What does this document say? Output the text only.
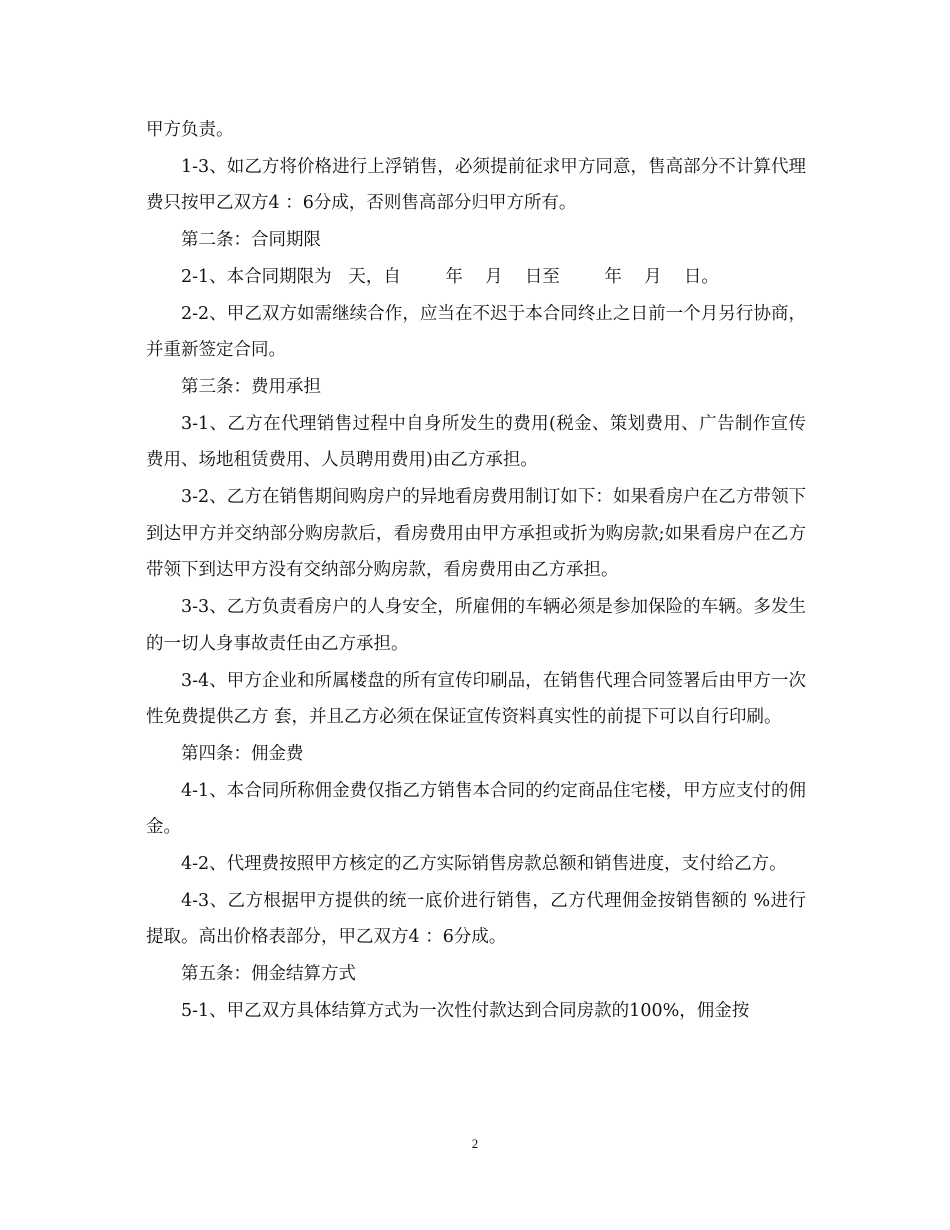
甲方负责。

1-3、如乙方将价格进行上浮销售，必须提前征求甲方同意，售高部分不计算代理费只按甲乙双方4 ：6分成，否则售高部分归甲方所有。

第二条：合同期限

2-1、本合同期限为   天，自        年    月    日至        年    月    日。

2-2、甲乙双方如需继续合作，应当在不迟于本合同终止之日前一个月另行协商，并重新签定合同。

第三条：费用承担

3-1、乙方在代理销售过程中自身所发生的费用(税金、策划费用、广告制作宣传费用、场地租赁费用、人员聘用费用)由乙方承担。

3-2、乙方在销售期间购房户的异地看房费用制订如下：如果看房户在乙方带领下到达甲方并交纳部分购房款后，看房费用由甲方承担或折为购房款;如果看房户在乙方带领下到达甲方没有交纳部分购房款，看房费用由乙方承担。

3-3、乙方负责看房户的人身安全，所雇佣的车辆必须是参加保险的车辆。多发生的一切人身事故责任由乙方承担。

3-4、甲方企业和所属楼盘的所有宣传印刷品，在销售代理合同签署后由甲方一次性免费提供乙方 套，并且乙方必须在保证宣传资料真实性的前提下可以自行印刷。

第四条：佣金费

4-1、本合同所称佣金费仅指乙方销售本合同的约定商品住宅楼，甲方应支付的佣金。

4-2、代理费按照甲方核定的乙方实际销售房款总额和销售进度，支付给乙方。

4-3、乙方根据甲方提供的统一底价进行销售，乙方代理佣金按销售额的 %进行提取。高出价格表部分，甲乙双方4 ：6分成。

第五条：佣金结算方式

5-1、甲乙双方具体结算方式为一次性付款达到合同房款的100%，佣金按

2
